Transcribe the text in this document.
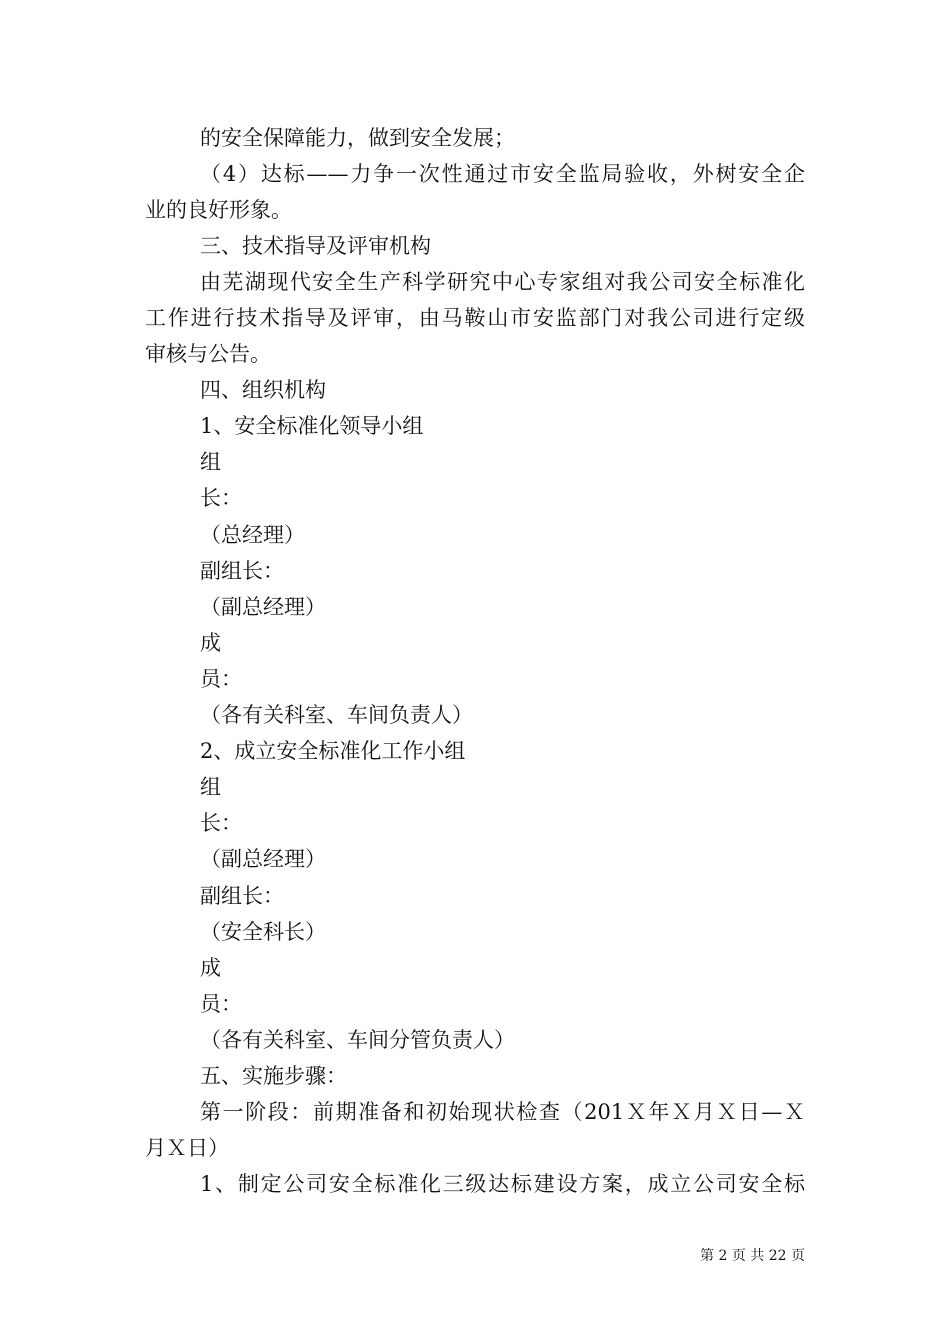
的安全保障能力，做到安全发展；
（4）达标——力争一次性通过市安全监局验收，外树安全企
业的良好形象。
三、技术指导及评审机构
由芜湖现代安全生产科学研究中心专家组对我公司安全标准化
工作进行技术指导及评审，由马鞍山市安监部门对我公司进行定级
审核与公告。
四、组织机构
1、安全标准化领导小组
组
长：
（总经理）
副组长：
（副总经理）
成
员：
（各有关科室、车间负责人）
2、成立安全标准化工作小组
组
长：
（副总经理）
副组长：
（安全科长）
成
员：
（各有关科室、车间分管负责人）
五、实施步骤：
第一阶段：前期准备和初始现状检查（201Ｘ年Ｘ月Ｘ日—Ｘ
月Ｘ日）
1、制定公司安全标准化三级达标建设方案，成立公司安全标
第 2 页 共 22 页
